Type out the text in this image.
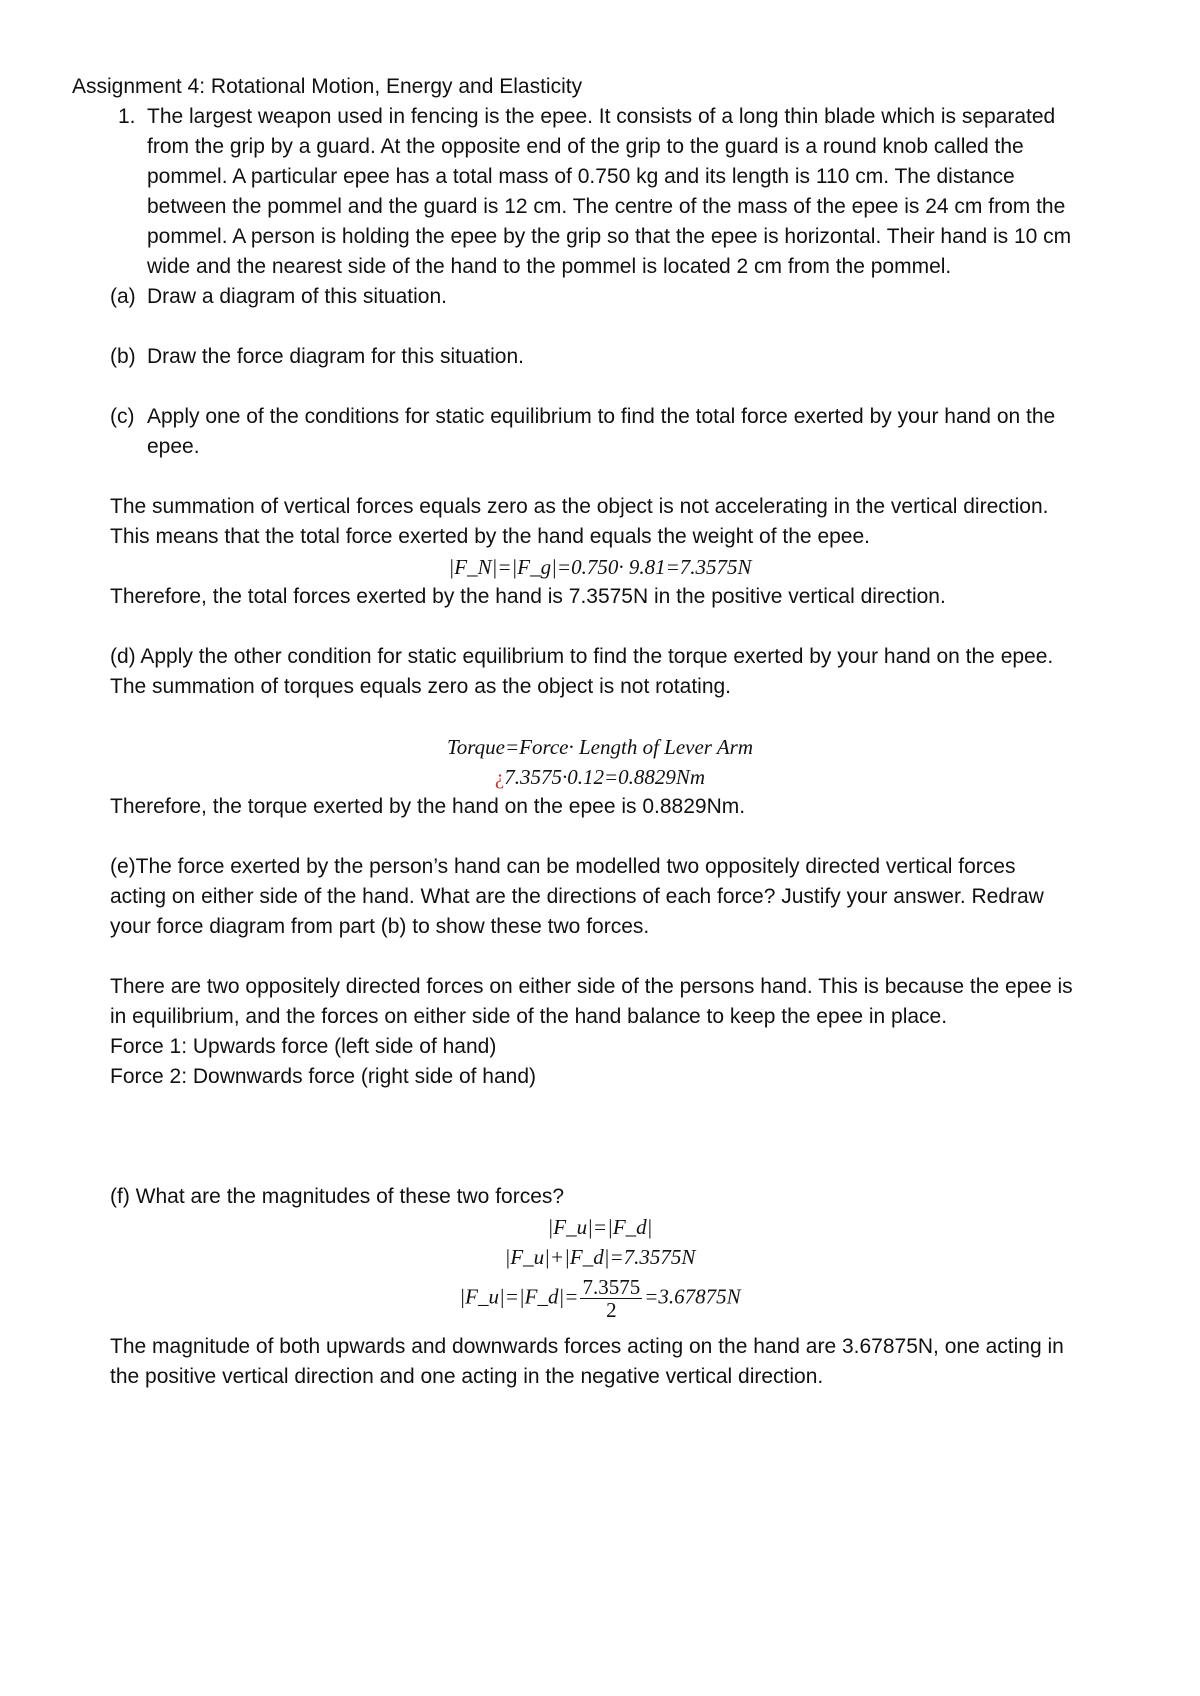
Assignment 4: Rotational Motion, Energy and Elasticity
1. The largest weapon used in fencing is the epee. It consists of a long thin blade which is separated
from the grip by a guard. At the opposite end of the grip to the guard is a round knob called the
pommel. A particular epee has a total mass of 0.750 kg and its length is 110 cm. The distance
between the pommel and the guard is 12 cm. The centre of the mass of the epee is 24 cm from the
pommel. A person is holding the epee by the grip so that the epee is horizontal. Their hand is 10 cm
wide and the nearest side of the hand to the pommel is located 2 cm from the pommel.
(a) Draw a diagram of this situation.
(b) Draw the force diagram for this situation.
(c) Apply one of the conditions for static equilibrium to find the total force exerted by your hand on the
epee.
The summation of vertical forces equals zero as the object is not accelerating in the vertical direction.
This means that the total force exerted by the hand equals the weight of the epee.
|F_N|=|F_g|=0.750· 9.81=7.3575N
Therefore, the total forces exerted by the hand is 7.3575N in the positive vertical direction.
(d) Apply the other condition for static equilibrium to find the torque exerted by your hand on the epee.
The summation of torques equals zero as the object is not rotating.
Torque=Force· Length of Lever Arm
¿7.3575·0.12=0.8829Nm
Therefore, the torque exerted by the hand on the epee is 0.8829Nm.
(e)The force exerted by the person’s hand can be modelled two oppositely directed vertical forces
acting on either side of the hand. What are the directions of each force? Justify your answer. Redraw
your force diagram from part (b) to show these two forces.
There are two oppositely directed forces on either side of the persons hand. This is because the epee is
in equilibrium, and the forces on either side of the hand balance to keep the epee in place.
Force 1: Upwards force (left side of hand)
Force 2: Downwards force (right side of hand)
(f) What are the magnitudes of these two forces?
|F_u|=|F_d|
|F_u|+|F_d|=7.3575N
|F_u|=|F_d|= $\frac{7.3575}{2} =3.67875N$
The magnitude of both upwards and downwards forces acting on the hand are 3.67875N, one acting in
the positive vertical direction and one acting in the negative vertical direction.
